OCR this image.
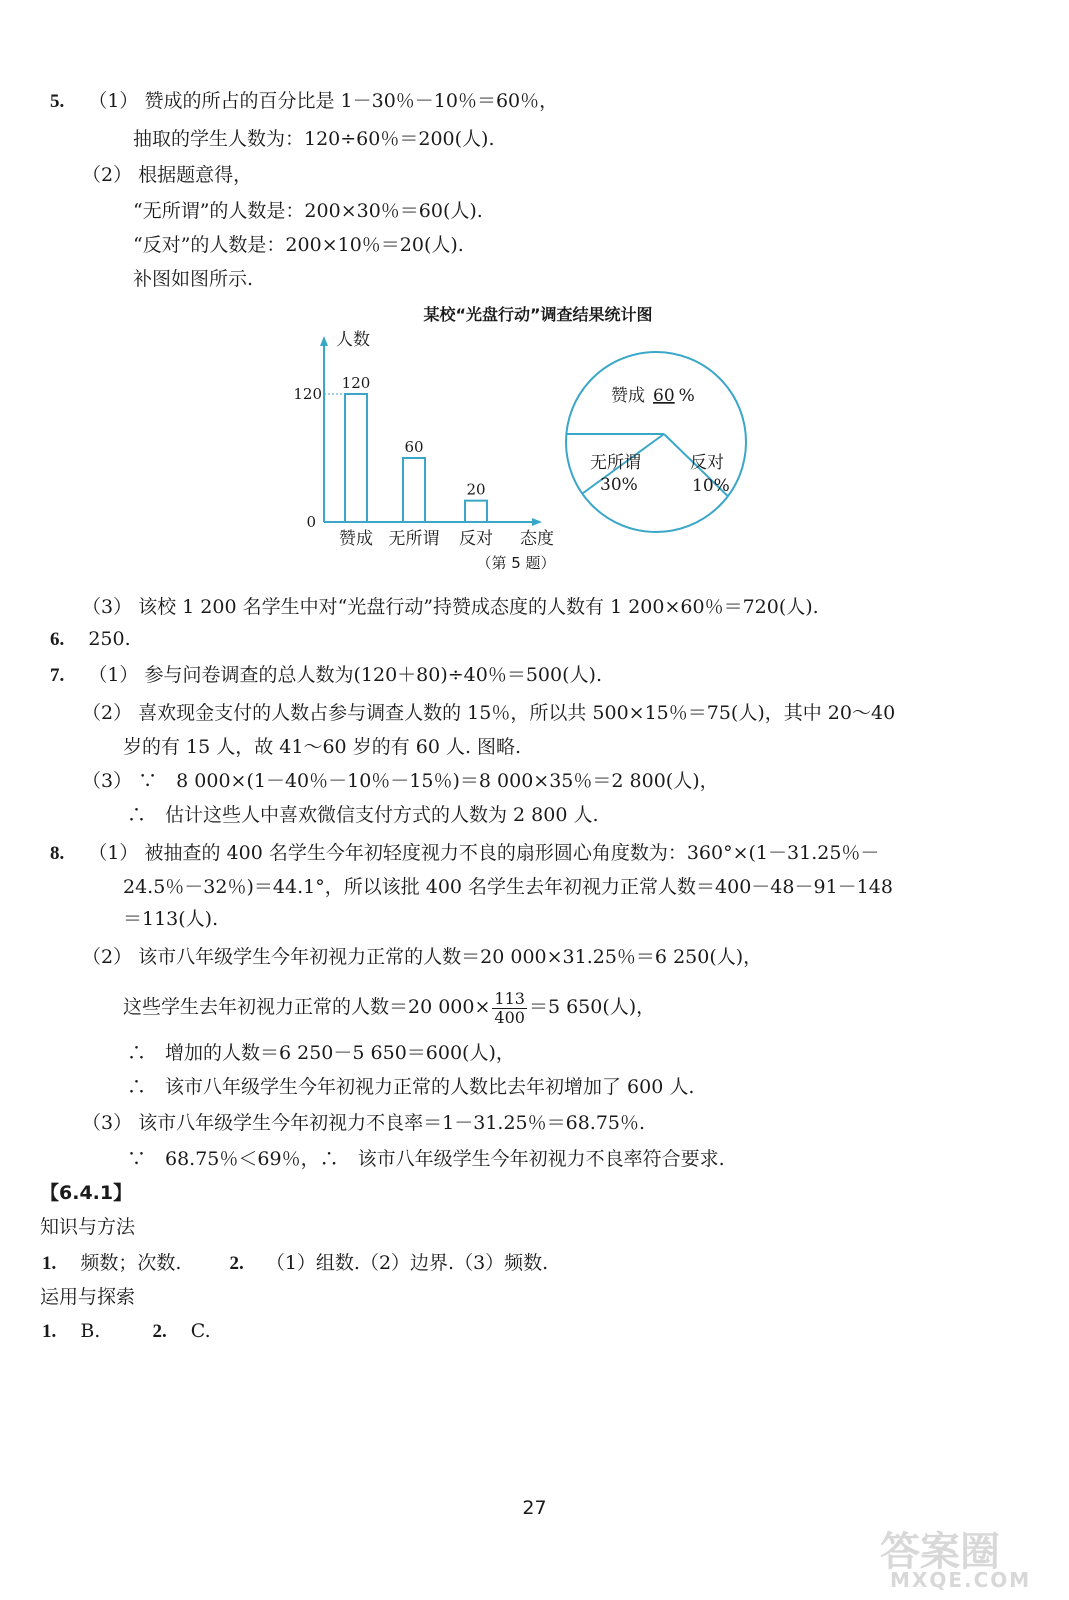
5. （1） 赞成的所占的百分比是 1－30％－10％＝60％，
抽取的学生人数为：120÷60％＝200(人).
（2） 根据题意得，
“无所谓”的人数是：200×30％＝60(人).
“反对”的人数是：200×10％＝20(人).
补图如图所示.
某校“光盘行动”调查结果统计图
人数
态度
120
0
120
赞成
60
无所谓
20
反对
赞成 60 %
无所谓
30%
反对
10%
（第 5 题）
（3） 该校 1 200 名学生中对“光盘行动”持赞成态度的人数有 1 200×60％＝720(人).
6. 250.
7. （1） 参与问卷调查的总人数为(120＋80)÷40％＝500(人).
（2） 喜欢现金支付的人数占参与调查人数的 15％，所以共 500×15％＝75(人)，其中 20～40
岁的有 15 人，故 41～60 岁的有 60 人. 图略.
（3） ∵　8 000×(1－40％－10％－15％)＝8 000×35％＝2 800(人)，
∴　估计这些人中喜欢微信支付方式的人数为 2 800 人.
8. （1） 被抽查的 400 名学生今年初轻度视力不良的扇形圆心角度数为：360°×(1－31.25％－
24.5％－32％)＝44.1°，所以该批 400 名学生去年初视力正常人数＝400－48－91－148
＝113(人).
（2） 该市八年级学生今年初视力正常的人数＝20 000×31.25％＝6 250(人)，
这些学生去年初视力正常的人数＝20 $000\times \frac{113}{400} =5$ 650(人)，
∴　增加的人数＝6 250－5 650＝600(人)，
∴　该市八年级学生今年初视力正常的人数比去年初增加了 600 人.
（3） 该市八年级学生今年初视力不良率＝1－31.25％＝68.75％.
∵　68.75％＜69％，∴　该市八年级学生今年初视力不良率符合要求.
【6.4.1】
知识与方法
1. 频数；次数.	2. （1）组数.（2）边界.（3）频数.
运用与探索
1. B.	2. C.
27
答案圈
MXQE.COM
